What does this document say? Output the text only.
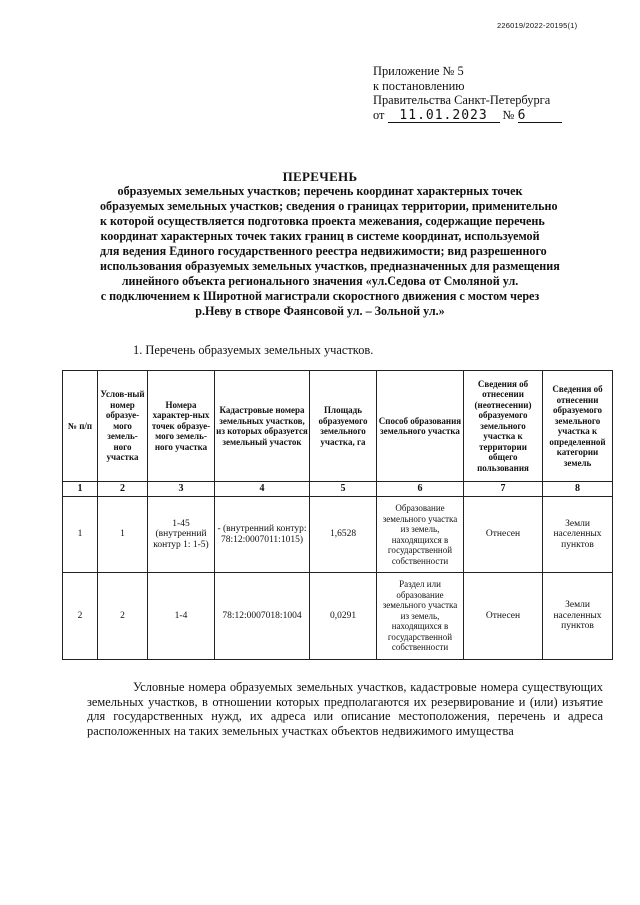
226019/2022-20195(1)
Приложение № 5
к постановлению
Правительства Санкт-Петербурга
от 11.01.2023 № 6
ПЕРЕЧЕНЬ
образуемых земельных участков; перечень координат характерных точек
образуемых земельных участков; сведения о границах территории, применительно
к которой осуществляется подготовка проекта межевания, содержащие перечень
координат характерных точек таких границ в системе координат, используемой
для ведения Единого государственного реестра недвижимости; вид разрешенного
использования образуемых земельных участков, предназначенных для размещения
линейного объекта регионального значения «ул.Седова от Смоляной ул.
с подключением к Широтной магистрали скоростного движения с мостом через
р.Неву в створе Фаянсовой ул. – Зольной ул.»
1. Перечень образуемых земельных участков.
№ п/п	Услов-ный номер образуе-мого земель-ного участка	Номера характер-ных точек образуе-мого земель-ного участка	Кадастровые номера земельных участков, из которых образуется земельный участок	Площадь образуемого земельного участка, га	Способ образования земельного участка	Сведения об отнесении (неотнесении) образуемого земельного участка к территории общего пользования	Сведения об отнесении образуемого земельного участка к определенной категории земель
1	2	3	4	5	6	7	8
1	1	1-45 (внутренний контур 1: 1-5)	- (внутренний контур: 78:12:0007011:1015)	1,6528	Образование земельного участка из земель, находящихся в государственной собственности	Отнесен	Земли населенных пунктов
2	2	1-4	78:12:0007018:1004	0,0291	Раздел или образование земельного участка из земель, находящихся в государственной собственности	Отнесен	Земли населенных пунктов
Условные номера образуемых земельных участков, кадастровые номера существующих земельных участков, в отношении которых предполагаются их резервирование и (или) изъятие для государственных нужд, их адреса или описание местоположения, перечень и адреса расположенных на таких земельных участках объектов недвижимого имущества
